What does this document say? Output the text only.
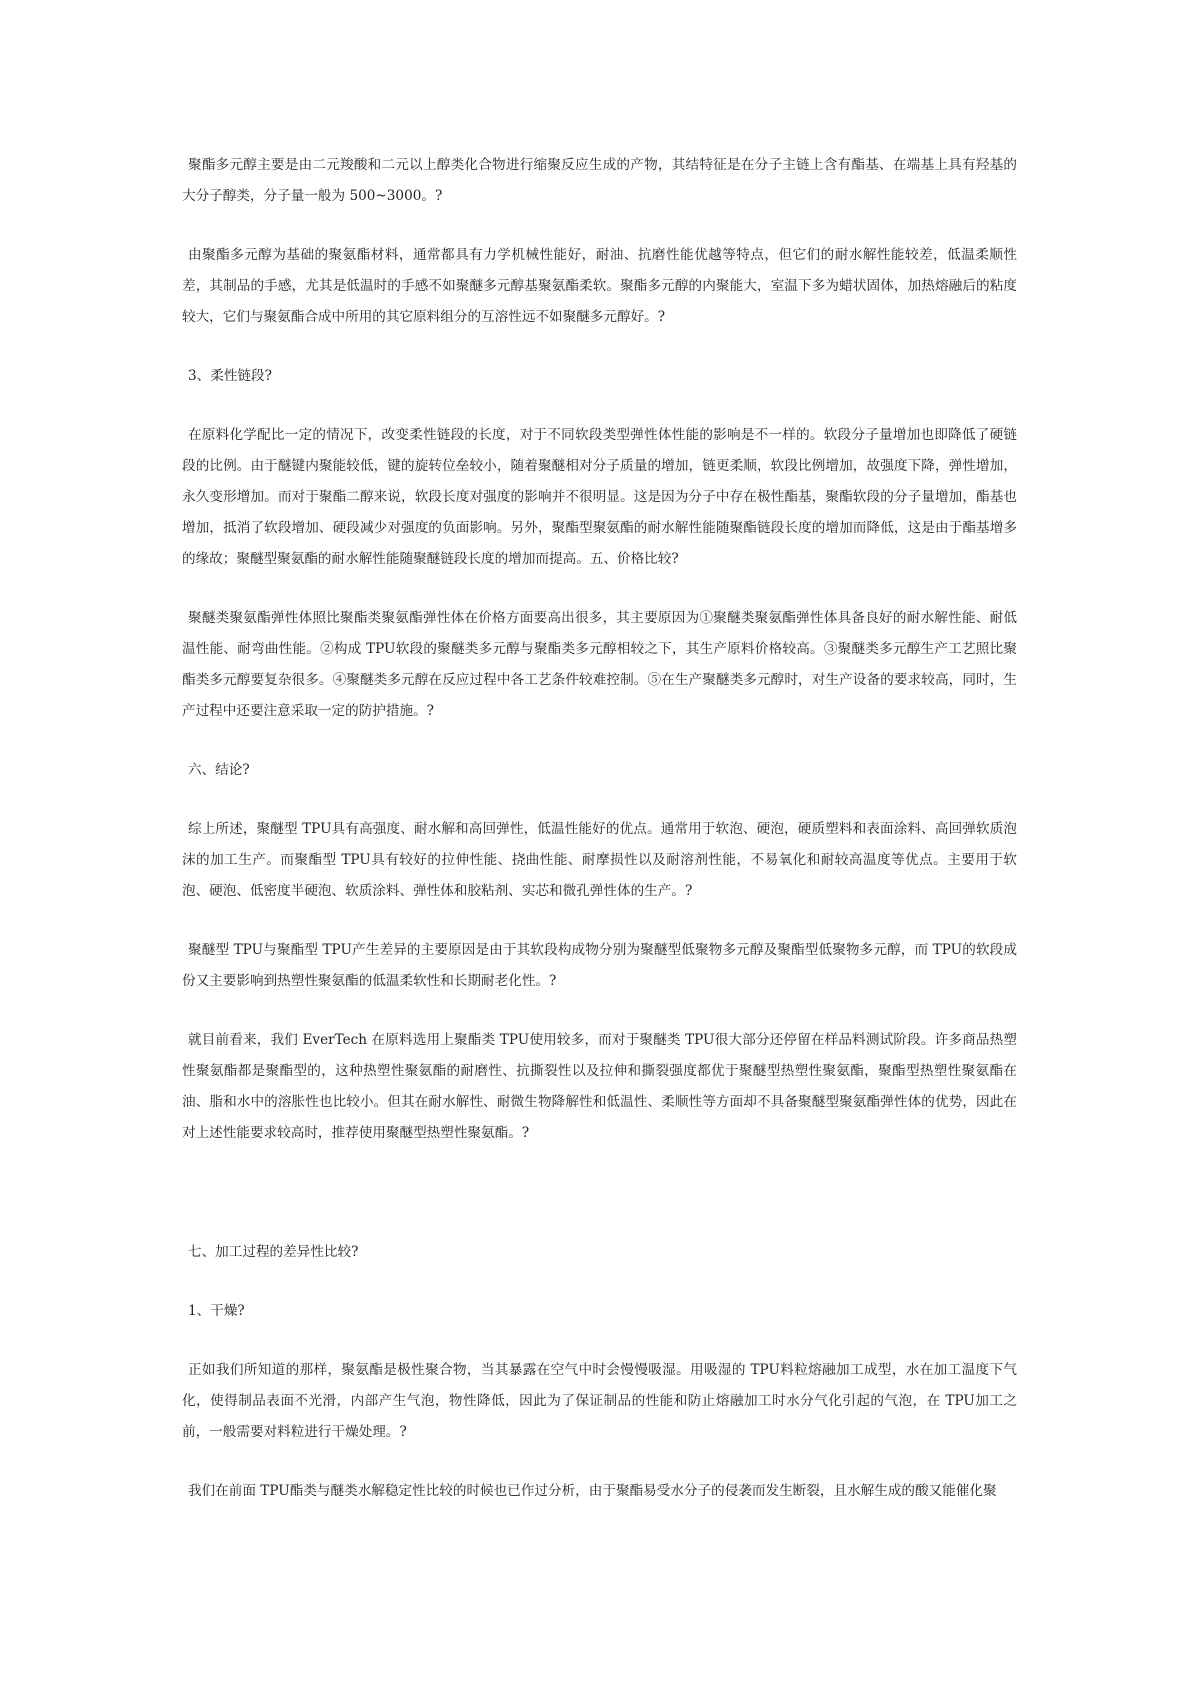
聚酯多元醇主要是由二元羧酸和二元以上醇类化合物进行缩聚反应生成的产物，其结特征是在分子主链上含有酯基、在端基上具有羟基的大分子醇类，分子量一般为 500~3000。?

由聚酯多元醇为基础的聚氨酯材料，通常都具有力学机械性能好，耐油、抗磨性能优越等特点，但它们的耐水解性能较差，低温柔顺性差，其制品的手感，尤其是低温时的手感不如聚醚多元醇基聚氨酯柔软。聚酯多元醇的内聚能大，室温下多为蜡状固体，加热熔融后的粘度较大，它们与聚氨酯合成中所用的其它原料组分的互溶性远不如聚醚多元醇好。?

3、柔性链段?

在原料化学配比一定的情况下，改变柔性链段的长度，对于不同软段类型弹性体性能的影响是不一样的。软段分子量增加也即降低了硬链段的比例。由于醚键内聚能较低，键的旋转位垒较小，随着聚醚相对分子质量的增加，链更柔顺，软段比例增加，故强度下降，弹性增加，永久变形增加。而对于聚酯二醇来说，软段长度对强度的影响并不很明显。这是因为分子中存在极性酯基，聚酯软段的分子量增加，酯基也增加，抵消了软段增加、硬段减少对强度的负面影响。另外，聚酯型聚氨酯的耐水解性能随聚酯链段长度的增加而降低，这是由于酯基增多的缘故；聚醚型聚氨酯的耐水解性能随聚醚链段长度的增加而提高。五、价格比较?

聚醚类聚氨酯弹性体照比聚酯类聚氨酯弹性体在价格方面要高出很多，其主要原因为①聚醚类聚氨酯弹性体具备良好的耐水解性能、耐低温性能、耐弯曲性能。②构成 TPU软段的聚醚类多元醇与聚酯类多元醇相较之下，其生产原料价格较高。③聚醚类多元醇生产工艺照比聚酯类多元醇要复杂很多。④聚醚类多元醇在反应过程中各工艺条件较难控制。⑤在生产聚醚类多元醇时，对生产设备的要求较高，同时，生产过程中还要注意采取一定的防护措施。?

六、结论?

综上所述，聚醚型 TPU具有高强度、耐水解和高回弹性，低温性能好的优点。通常用于软泡、硬泡，硬质塑料和表面涂料、高回弹软质泡沫的加工生产。而聚酯型 TPU具有较好的拉伸性能、挠曲性能、耐摩损性以及耐溶剂性能，不易氧化和耐较高温度等优点。主要用于软泡、硬泡、低密度半硬泡、软质涂料、弹性体和胶粘剂、实芯和微孔弹性体的生产。?

聚醚型 TPU与聚酯型 TPU产生差异的主要原因是由于其软段构成物分别为聚醚型低聚物多元醇及聚酯型低聚物多元醇，而 TPU的软段成份又主要影响到热塑性聚氨酯的低温柔软性和长期耐老化性。?

就目前看来，我们 EverTech 在原料选用上聚酯类 TPU使用较多，而对于聚醚类 TPU很大部分还停留在样品料测试阶段。许多商品热塑性聚氨酯都是聚酯型的，这种热塑性聚氨酯的耐磨性、抗撕裂性以及拉伸和撕裂强度都优于聚醚型热塑性聚氨酯，聚酯型热塑性聚氨酯在油、脂和水中的溶胀性也比较小。但其在耐水解性、耐微生物降解性和低温性、柔顺性等方面却不具备聚醚型聚氨酯弹性体的优势，因此在对上述性能要求较高时，推荐使用聚醚型热塑性聚氨酯。?

七、加工过程的差异性比较?

1、干燥?

正如我们所知道的那样，聚氨酯是极性聚合物，当其暴露在空气中时会慢慢吸湿。用吸湿的 TPU料粒熔融加工成型，水在加工温度下气化，使得制品表面不光滑，内部产生气泡，物性降低，因此为了保证制品的性能和防止熔融加工时水分气化引起的气泡，在 TPU加工之前，一般需要对料粒进行干燥处理。?

我们在前面 TPU酯类与醚类水解稳定性比较的时候也已作过分析，由于聚酯易受水分子的侵袭而发生断裂，且水解生成的酸又能催化聚
